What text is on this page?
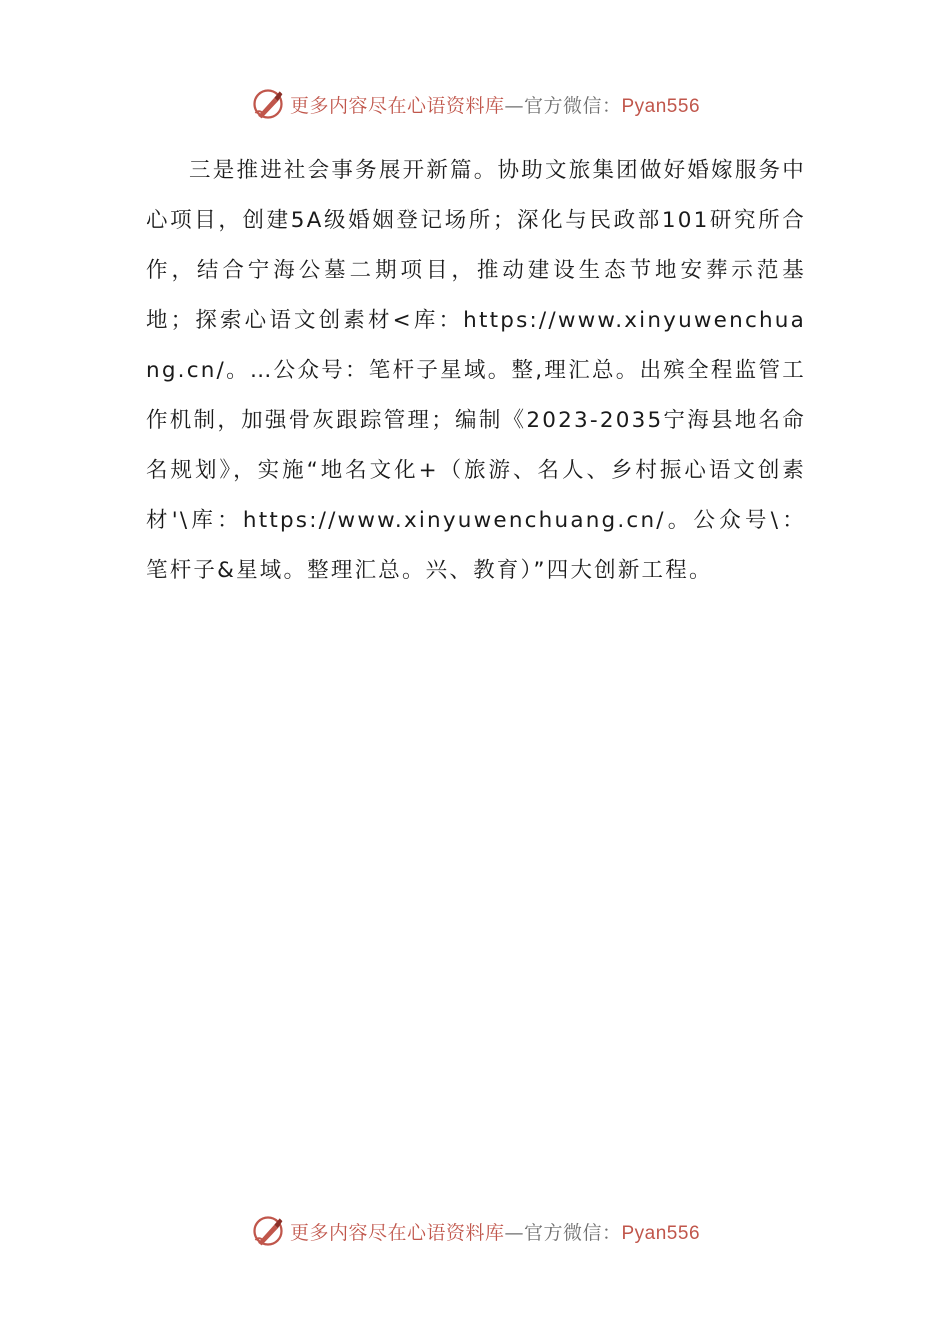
更多内容尽在心语资料库—官方微信：Pyan556

三是推进社会事务展开新篇。协助文旅集团做好婚嫁服务中心项目，创建5A级婚姻登记场所；深化与民政部101研究所合作，结合宁海公墓二期项目，推动建设生态节地安葬示范基地；探索心语文创素材<库：https://www.xinyuwenchuang.cn/。…公众号：笔杆子星域。整,理汇总。出殡全程监管工作机制，加强骨灰跟踪管理；编制《2023-2035宁海县地名命名规划》，实施“地名文化+（旅游、名人、乡村振心语文创素材'\库：https://www.xinyuwenchuang.cn/。公众号\：笔杆子&星域。整理汇总。兴、教育）”四大创新工程。

更多内容尽在心语资料库—官方微信：Pyan556
